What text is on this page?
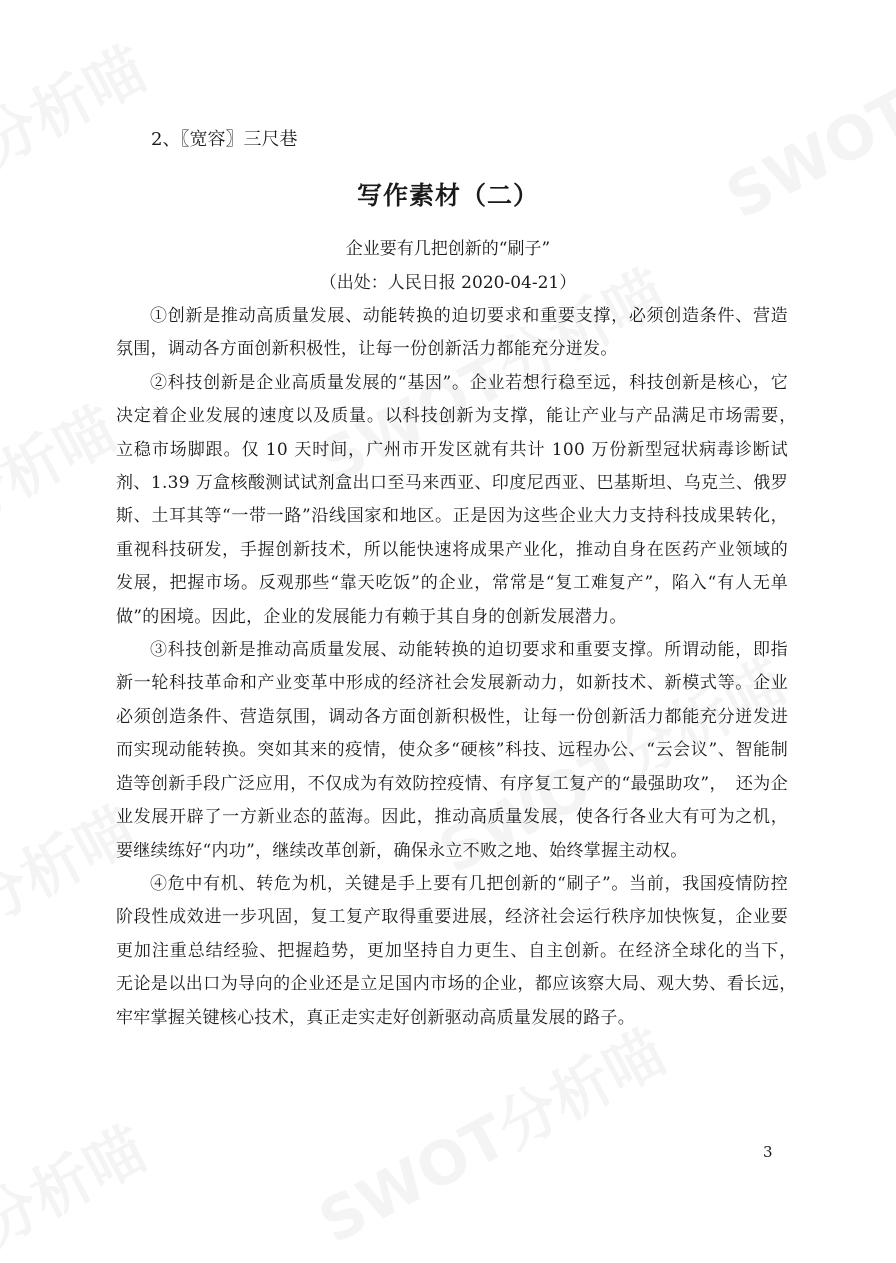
2、〖宽容〗三尺巷
写作素材（二）
企业要有几把创新的“刷子”
（出处：人民日报 2020-04-21）

①创新是推动高质量发展、动能转换的迫切要求和重要支撑，必须创造条件、营造　氛围，调动各方面创新积极性，让每一份创新活力都能充分迸发。

②科技创新是企业高质量发展的“基因”。企业若想行稳至远，科技创新是核心，它决定着企业发展的速度以及质量。以科技创新为支撑，能让产业与产品满足市场需要，　立稳市场脚跟。仅 10 天时间，广州市开发区就有共计 100 万份新型冠状病毒诊断试剂、1.39 万盒核酸测试试剂盒出口至马来西亚、印度尼西亚、巴基斯坦、乌克兰、俄罗斯、土耳其等“一带一路”沿线国家和地区。正是因为这些企业大力支持科技成果转化，重视科技研发，手握创新技术，所以能快速将成果产业化，推动自身在医药产业领域的发展，把握市场。反观那些“靠天吃饭”的企业，常常是“复工难复产”，陷入“有人无单做”的困境。因此，企业的发展能力有赖于其自身的创新发展潜力。

③科技创新是推动高质量发展、动能转换的迫切要求和重要支撑。所谓动能，即指新一轮科技革命和产业变革中形成的经济社会发展新动力，如新技术、新模式等。企业必须创造条件、营造氛围，调动各方面创新积极性，让每一份创新活力都能充分迸发进而实现动能转换。突如其来的疫情，使众多“硬核”科技、远程办公、“云会议”、智能制造等创新手段广泛应用，不仅成为有效防控疫情、有序复工复产的“最强助攻”，　还为企业发展开辟了一方新业态的蓝海。因此，推动高质量发展，使各行各业大有可为之机，要继续练好“内功”，继续改革创新，确保永立不败之地、始终掌握主动权。

④危中有机、转危为机，关键是手上要有几把创新的“刷子”。当前，我国疫情防控阶段性成效进一步巩固，复工复产取得重要进展，经济社会运行秩序加快恢复，企业要更加注重总结经验、把握趋势，更加坚持自力更生、自主创新。在经济全球化的当下，　无论是以出口为导向的企业还是立足国内市场的企业，都应该察大局、观大势、看长远，　牢牢掌握关键核心技术，真正走实走好创新驱动高质量发展的路子。

3
